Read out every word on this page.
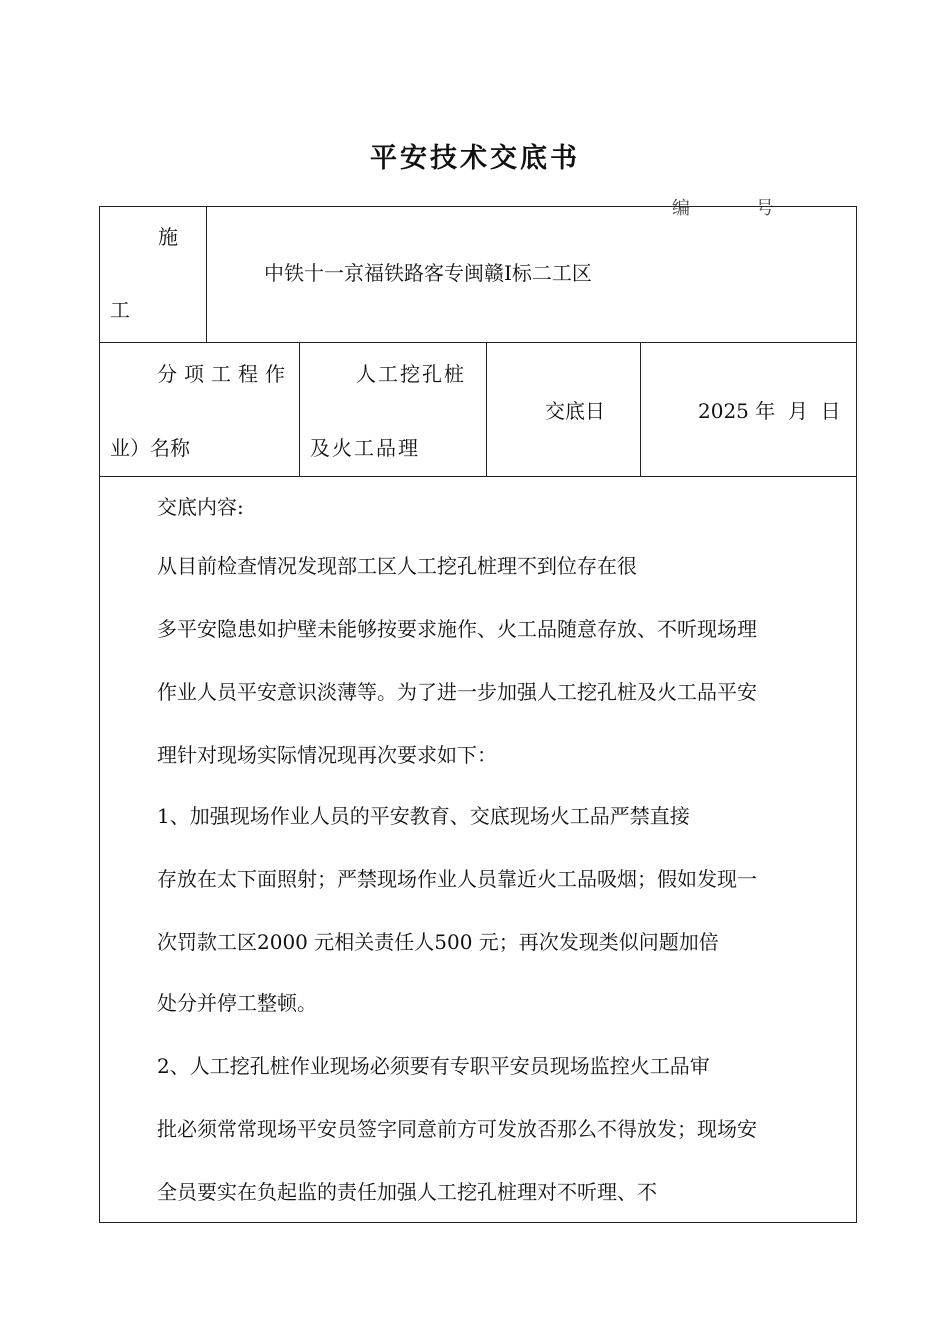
平安技术交底书
编 号
施
工
中铁十一京福铁路客专闽赣Ⅰ标二工区
分项工程作
业）名称
人工挖孔桩
及火工品理
交底日	2025 年  月  日
交底内容:
从目前检查情况发现部工区人工挖孔桩理不到位存在很
多平安隐患如护壁未能够按要求施作、火工品随意存放、不听现场理
作业人员平安意识淡薄等。为了进一步加强人工挖孔桩及火工品平安
理针对现场实际情况现再次要求如下：
1、加强现场作业人员的平安教育、交底现场火工品严禁直接
存放在太下面照射；严禁现场作业人员靠近火工品吸烟；假如发现一
次罚款工区2000 元相关责任人500 元；再次发现类似问题加倍
处分并停工整顿。
2、人工挖孔桩作业现场必须要有专职平安员现场监控火工品审
批必须常常现场平安员签字同意前方可发放否那么不得放发；现场安
全员要实在负起监的责任加强人工挖孔桩理对不听理、不
